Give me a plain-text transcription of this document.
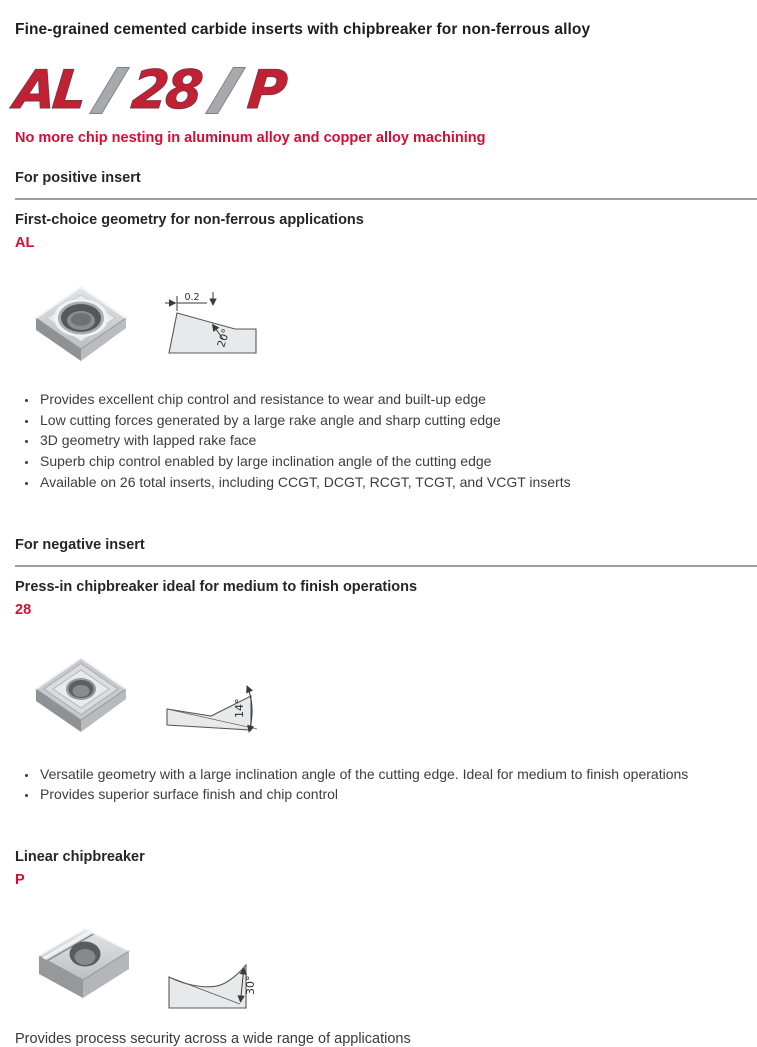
Fine-grained cemented carbide inserts with chipbreaker for non-ferrous alloy
AL 28 P
No more chip nesting in aluminum alloy and copper alloy machining
For positive insert
First-choice geometry for non-ferrous applications
AL
0.2
20°
• Provides excellent chip control and resistance to wear and built-up edge
• Low cutting forces generated by a large rake angle and sharp cutting edge
• 3D geometry with lapped rake face
• Superb chip control enabled by large inclination angle of the cutting edge
• Available on 26 total inserts, including CCGT, DCGT, RCGT, TCGT, and VCGT inserts
For negative insert
Press-in chipbreaker ideal for medium to finish operations
28
14°
• Versatile geometry with a large inclination angle of the cutting edge. Ideal for medium to finish operations
• Provides superior surface finish and chip control
Linear chipbreaker
P
30°
Provides process security across a wide range of applications
